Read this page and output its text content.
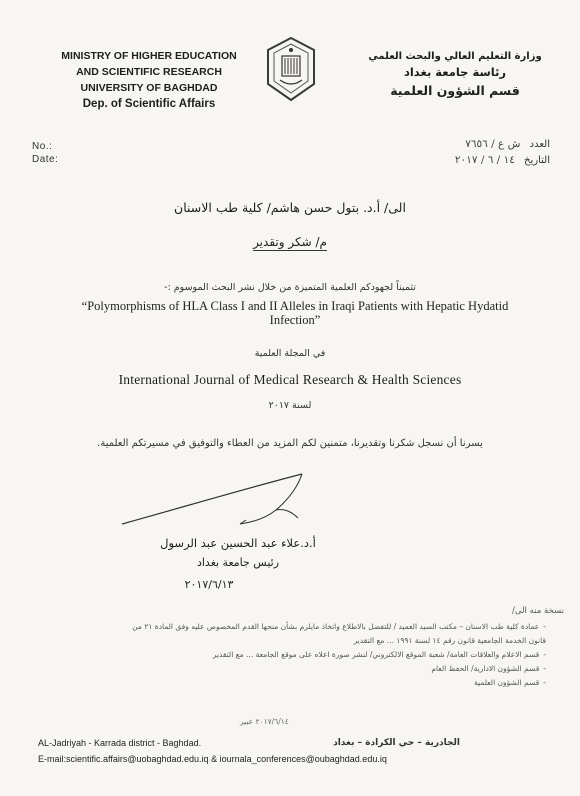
MINISTRY OF HIGHER EDUCATION
AND SCIENTIFIC RESEARCH
UNIVERSITY OF BAGHDAD
Dep. of Scientific Affairs
وزارة التعليم العالي والبحث العلمي
رئاسة جامعة بغداد
قسم الشؤون العلمية
No.:
Date:
العدد ش ع / ٧٦٥٦
التاريخ ١٤ / ٦ / ٢٠١٧
الى/ أ.د. بتول حسن هاشم/ كلية طب الاسنان
م/ شكر وتقدير
تثميناً لجهودكم العلمية المتميزة من خلال نشر البحث الموسوم :-
“Polymorphisms of HLA Class I and II Alleles in Iraqi Patients with Hepatic Hydatid Infection”
في المجلة العلمية
International Journal of Medical Research & Health Sciences
لسنة ٢٠١٧
يسرنا أن نسجل شكرنا وتقديرنا، متمنين لكم المزيد من العطاء والتوفيق في مسيرتكم العلمية.
أ.د.علاء عبد الحسين عبد الرسول
رئيس جامعة بغداد
٢٠١٧/٦/١٣
نسخة منه الى/
-عمادة كلية طب الاسنان – مكتب السيد العميد / للتفضل بالاطلاع واتخاذ مايلزم بشأن منحها القدم المخصوص عليه وفق المادة ٢١ من
قانون الخدمة الجامعية قانون رقم ١٤ لسنة ١٩٩١ ... مع التقدير
-قسم الاعلام والعلاقات العامة/ شعبة الموقع الالكتروني/ لنشر صورة اعلاه على موقع الجامعة ... مع التقدير
-قسم الشؤون الادارية/ الحفظ العام
-قسم الشؤون العلمية
٢٠١٧/٦/١٤ عبير
الجادرية – حي الكرادة – بغداد
AL-Jadriyah - Karrada district - Baghdad.
E-mail:scientific.affairs@uobaghdad.edu.iq & iournala_conferences@oubaghdad.edu.iq
